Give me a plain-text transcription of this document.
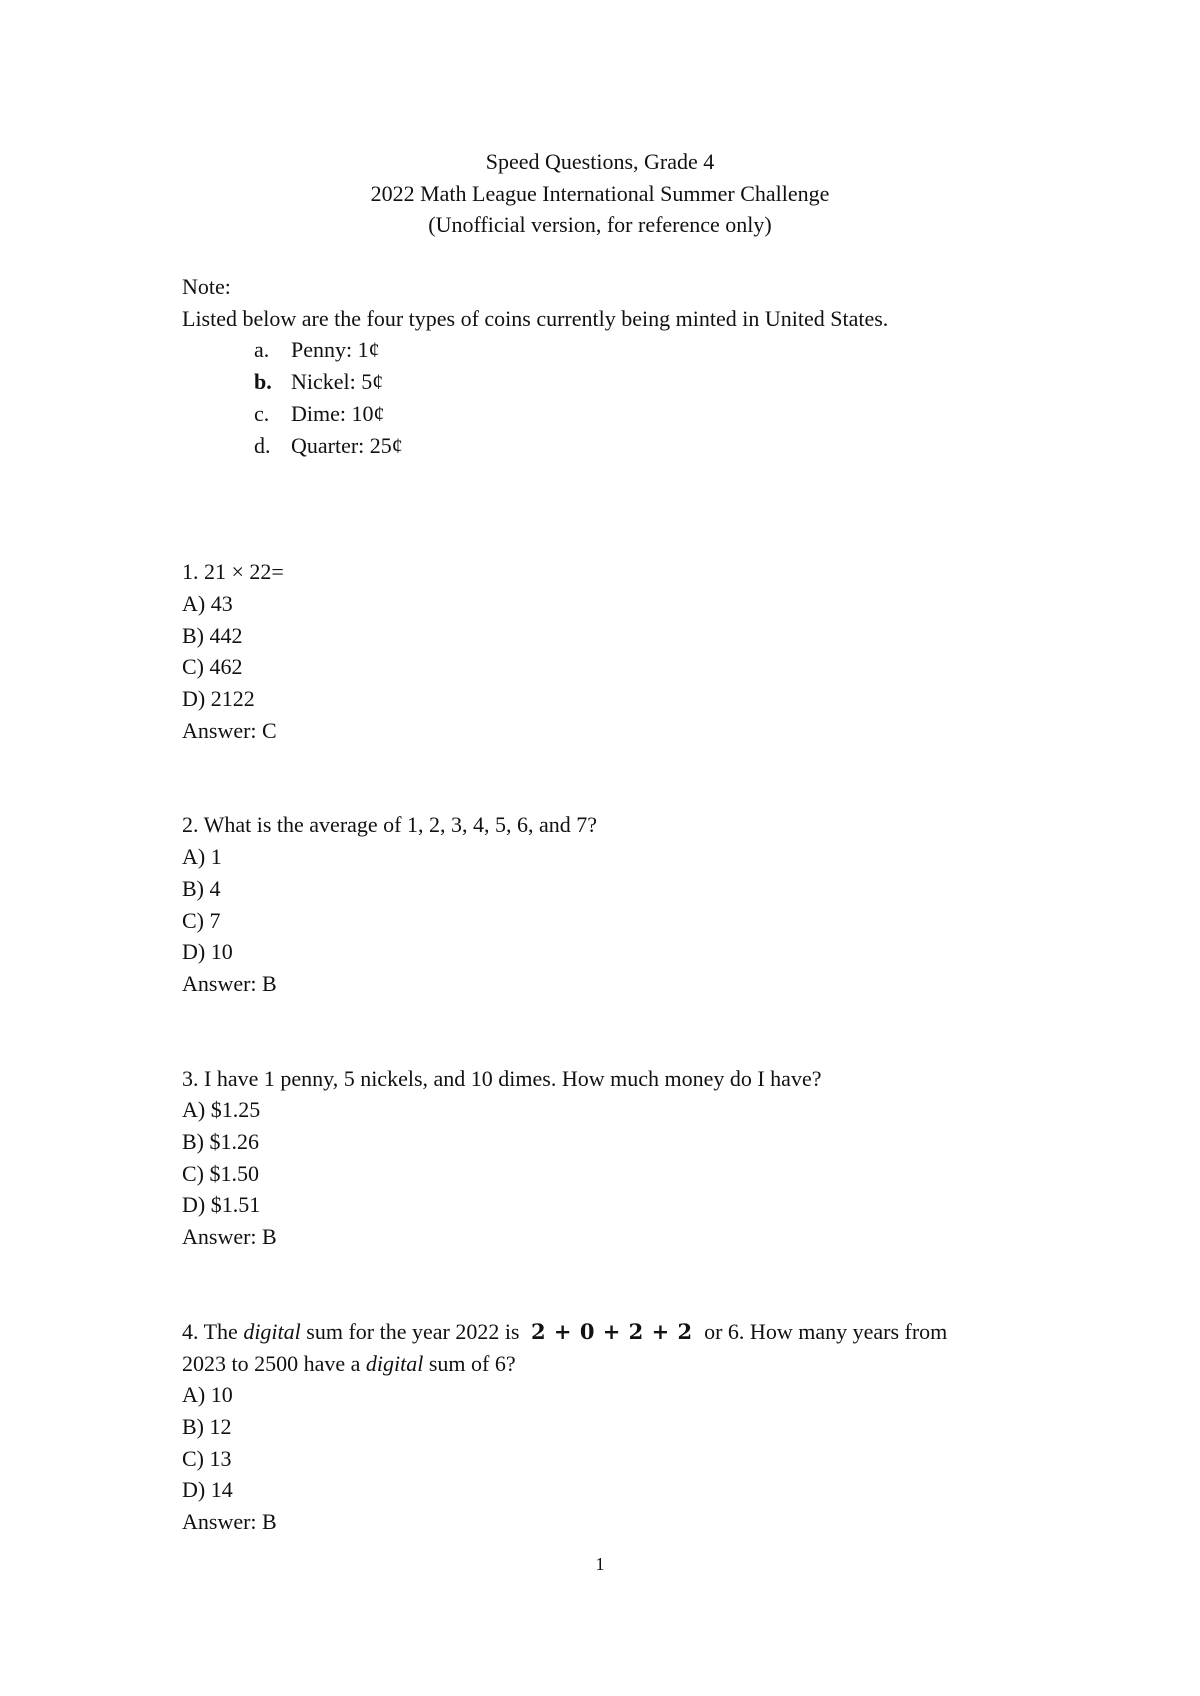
Speed Questions, Grade 4
2022 Math League International Summer Challenge
(Unofficial version, for reference only)
Note:
Listed below are the four types of coins currently being minted in United States.
a. Penny: 1¢
b. Nickel: 5¢
c. Dime: 10¢
d. Quarter: 25¢
1. 21 × 22=
A) 43
B) 442
C) 462
D) 2122
Answer: C
2. What is the average of 1, 2, 3, 4, 5, 6, and 7?
A) 1
B) 4
C) 7
D) 10
Answer: B
3. I have 1 penny, 5 nickels, and 10 dimes. How much money do I have?
A) $1.25
B) $1.26
C) $1.50
D) $1.51
Answer: B
4. The digital sum for the year 2022 is 2 + 0 + 2 + 2 or 6. How many years from
2023 to 2500 have a digital sum of 6?
A) 10
B) 12
C) 13
D) 14
Answer: B
1
